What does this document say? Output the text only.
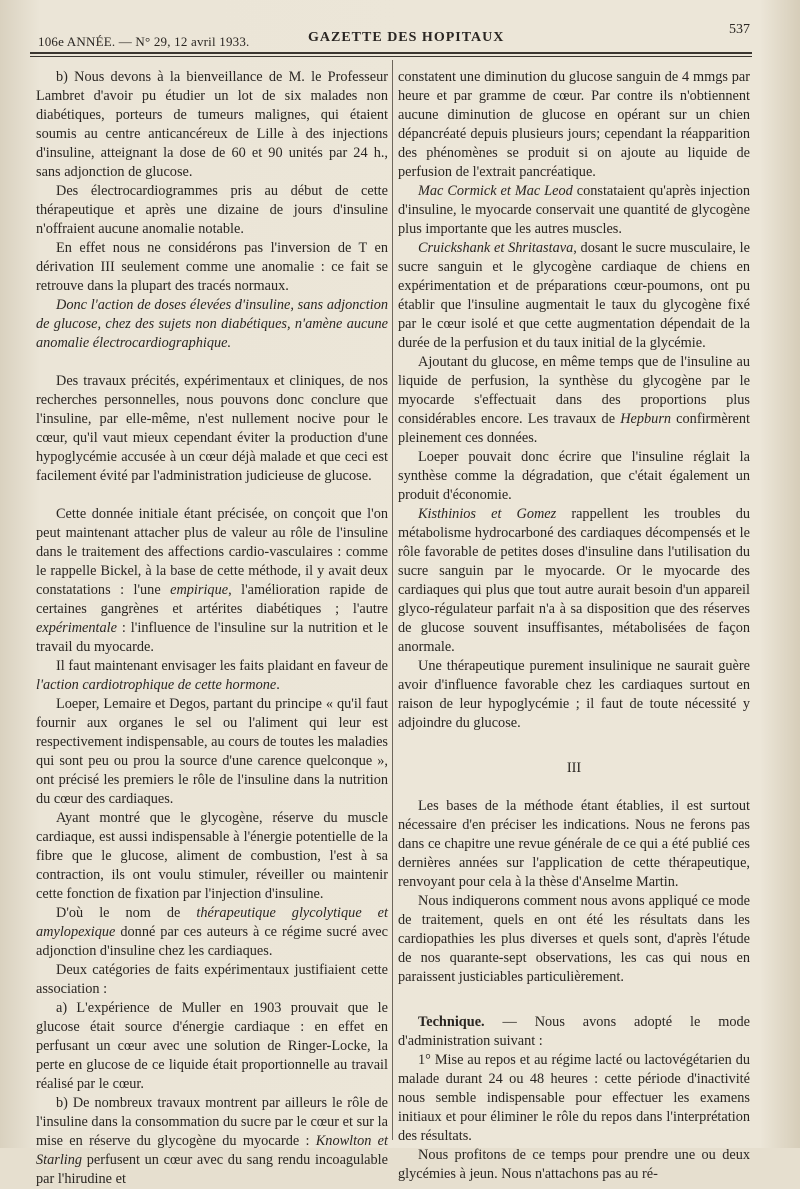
106e ANNÉE. — N° 29, 12 avril 1933.	GAZETTE DES HOPITAUX
537

b) Nous devons à la bienveillance de M. le Professeur Lambret d'avoir pu étudier un lot de six malades non diabétiques, porteurs de tumeurs malignes, qui étaient soumis au centre anticancéreux de Lille à des injections d'insuline, atteignant la dose de 60 et 90 unités par 24 h., sans adjonction de glucose.

Des électrocardiogrammes pris au début de cette thérapeutique et après une dizaine de jours d'insuline n'offraient aucune anomalie notable.

En effet nous ne considérons pas l'inversion de T en dérivation III seulement comme une anomalie : ce fait se retrouve dans la plupart des tracés normaux.

Donc l'action de doses élevées d'insuline, sans adjonction de glucose, chez des sujets non diabétiques, n'amène aucune anomalie électrocardiographique.

Des travaux précités, expérimentaux et cliniques, de nos recherches personnelles, nous pouvons donc conclure que l'insuline, par elle-même, n'est nullement nocive pour le cœur, qu'il vaut mieux cependant éviter la production d'une hypoglycémie accusée à un cœur déjà malade et que ceci est facilement évité par l'administration judicieuse de glucose.

Cette donnée initiale étant précisée, on conçoit que l'on peut maintenant attacher plus de valeur au rôle de l'insuline dans le traitement des affections cardio-vasculaires : comme le rappelle Bickel, à la base de cette méthode, il y avait deux constatations : l'une empirique, l'amélioration rapide de certaines gangrènes et artérites diabétiques ; l'autre expérimentale : l'influence de l'insuline sur la nutrition et le travail du myocarde.

Il faut maintenant envisager les faits plaidant en faveur de l'action cardiotrophique de cette hormone.

Loeper, Lemaire et Degos, partant du principe « qu'il faut fournir aux organes le sel ou l'aliment qui leur est respectivement indispensable, au cours de toutes les maladies qui sont peu ou prou la source d'une carence quelconque », ont précisé les premiers le rôle de l'insuline dans la nutrition du cœur des cardiaques.

Ayant montré que le glycogène, réserve du muscle cardiaque, est aussi indispensable à l'énergie potentielle de la fibre que le glucose, aliment de combustion, l'est à sa contraction, ils ont voulu stimuler, réveiller ou maintenir cette fonction de fixation par l'injection d'insuline.

D'où le nom de thérapeutique glycolytique et amylopexique donné par ces auteurs à ce régime sucré avec adjonction d'insuline chez les cardiaques.

Deux catégories de faits expérimentaux justifiaient cette association :

a) L'expérience de Muller en 1903 prouvait que le glucose était source d'énergie cardiaque : en effet en perfusant un cœur avec une solution de Ringer-Locke, la perte en glucose de ce liquide était proportionnelle au travail réalisé par le cœur.

b) De nombreux travaux montrent par ailleurs le rôle de l'insuline dans la consommation du sucre par le cœur et sur la mise en réserve du glycogène du myocarde : Knowlton et Starling perfusent un cœur avec du sang rendu incoagulable par l'hirudine et

constatent une diminution du glucose sanguin de 4 mmgs par heure et par gramme de cœur. Par contre ils n'obtiennent aucune diminution de glucose en opérant sur un chien dépancréaté depuis plusieurs jours; cependant la réapparition des phénomènes se produit si on ajoute au liquide de perfusion de l'extrait pancréatique.

Mac Cormick et Mac Leod constataient qu'après injection d'insuline, le myocarde conservait une quantité de glycogène plus importante que les autres muscles.

Cruickshank et Shritastava, dosant le sucre musculaire, le sucre sanguin et le glycogène cardiaque de chiens en expérimentation et de préparations cœur-poumons, ont pu établir que l'insuline augmentait le taux du glycogène fixé par le cœur isolé et que cette augmentation dépendait de la durée de la perfusion et du taux initial de la glycémie.

Ajoutant du glucose, en même temps que de l'insuline au liquide de perfusion, la synthèse du glycogène par le myocarde s'effectuait dans des proportions plus considérables encore. Les travaux de Hepburn confirmèrent pleinement ces données.

Loeper pouvait donc écrire que l'insuline réglait la synthèse comme la dégradation, que c'était également un produit d'économie.

Kisthinios et Gomez rappellent les troubles du métabolisme hydrocarboné des cardiaques décompensés et le rôle favorable de petites doses d'insuline dans l'utilisation du sucre sanguin par le myocarde. Or le myocarde des cardiaques qui plus que tout autre aurait besoin d'un appareil glyco-régulateur parfait n'a à sa disposition que des réserves de glucose souvent insuffisantes, métabolisées de façon anormale.

Une thérapeutique purement insulinique ne saurait guère avoir d'influence favorable chez les cardiaques surtout en raison de leur hypoglycémie ; il faut de toute nécessité y adjoindre du glucose.

III

Les bases de la méthode étant établies, il est surtout nécessaire d'en préciser les indications. Nous ne ferons pas dans ce chapitre une revue générale de ce qui a été publié ces dernières années sur l'application de cette thérapeutique, renvoyant pour cela à la thèse d'Anselme Martin.

Nous indiquerons comment nous avons appliqué ce mode de traitement, quels en ont été les résultats dans les cardiopathies les plus diverses et quels sont, d'après l'étude de nos quarante-sept observations, les cas qui nous en paraissent justiciables particulièrement.

Technique. — Nous avons adopté le mode d'administration suivant :

1° Mise au repos et au régime lacté ou lactovégétarien du malade durant 24 ou 48 heures : cette période d'inactivité nous semble indispensable pour effectuer les examens initiaux et pour éliminer le rôle du repos dans l'interprétation des résultats.

Nous profitons de ce temps pour prendre une ou deux glycémies à jeun. Nous n'attachons pas au ré-
